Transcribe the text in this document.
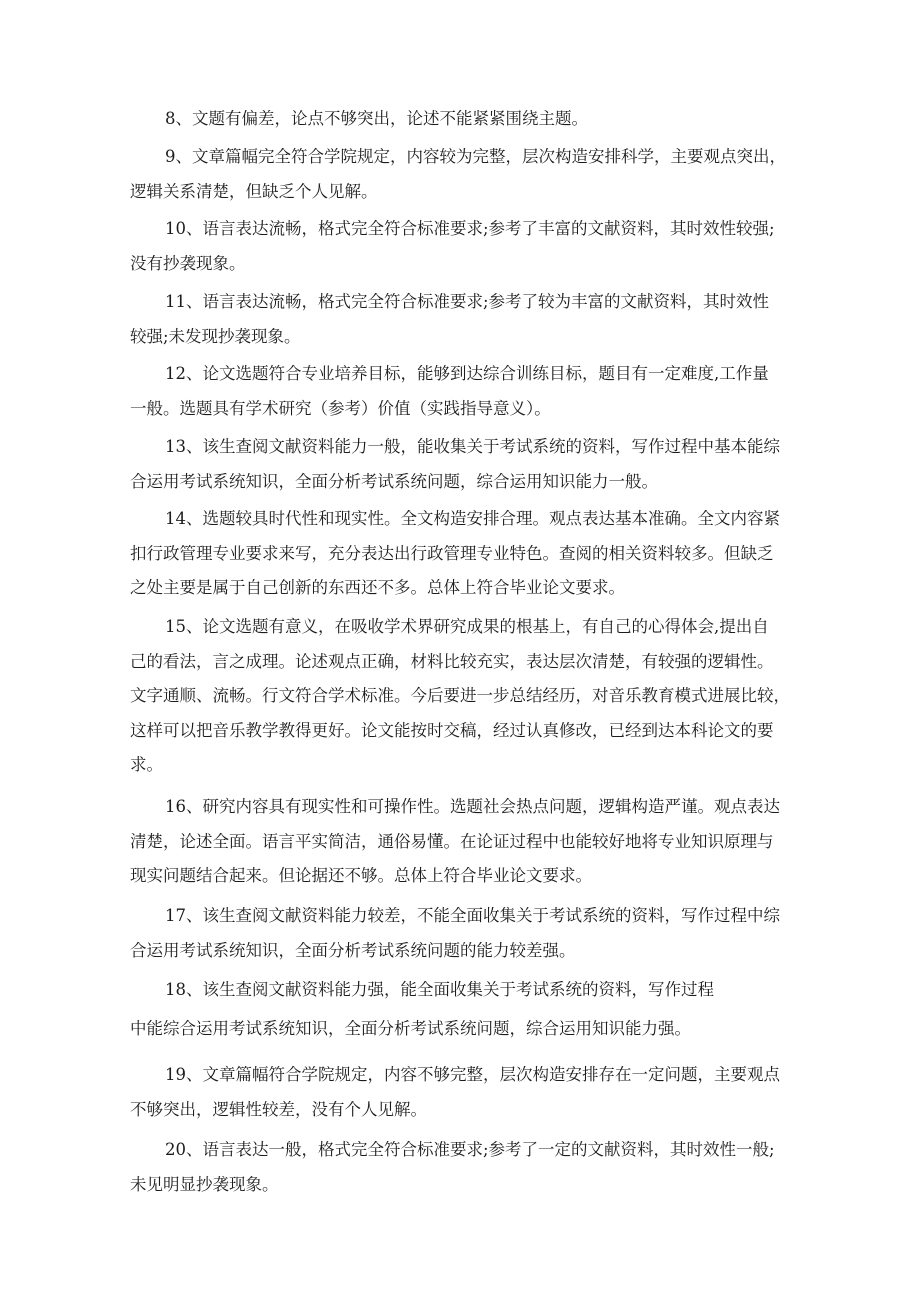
8、文题有偏差，论点不够突出，论述不能紧紧围绕主题。
9、文章篇幅完全符合学院规定，内容较为完整，层次构造安排科学，主要观点突出，
逻辑关系清楚，但缺乏个人见解。
10、语言表达流畅，格式完全符合标准要求;参考了丰富的文献资料，其时效性较强;
没有抄袭现象。
11、语言表达流畅，格式完全符合标准要求;参考了较为丰富的文献资料，其时效性
较强;未发现抄袭现象。
12、论文选题符合专业培养目标，能够到达综合训练目标，题目有一定难度,工作量
一般。选题具有学术研究（参考）价值（实践指导意义）。
13、该生查阅文献资料能力一般，能收集关于考试系统的资料，写作过程中基本能综
合运用考试系统知识，全面分析考试系统问题，综合运用知识能力一般。
14、选题较具时代性和现实性。全文构造安排合理。观点表达基本准确。全文内容紧
扣行政管理专业要求来写，充分表达出行政管理专业特色。查阅的相关资料较多。但缺乏
之处主要是属于自己创新的东西还不多。总体上符合毕业论文要求。
15、论文选题有意义，在吸收学术界研究成果的根基上，有自己的心得体会,提出自
己的看法，言之成理。论述观点正确，材料比较充实，表达层次清楚，有较强的逻辑性。
文字通顺、流畅。行文符合学术标准。今后要进一步总结经历，对音乐教育模式进展比较，
这样可以把音乐教学教得更好。论文能按时交稿，经过认真修改，已经到达本科论文的要
求。
16、研究内容具有现实性和可操作性。选题社会热点问题，逻辑构造严谨。观点表达
清楚，论述全面。语言平实简洁，通俗易懂。在论证过程中也能较好地将专业知识原理与
现实问题结合起来。但论据还不够。总体上符合毕业论文要求。
17、该生查阅文献资料能力较差，不能全面收集关于考试系统的资料，写作过程中综
合运用考试系统知识，全面分析考试系统问题的能力较差强。
18、该生查阅文献资料能力强，能全面收集关于考试系统的资料，写作过程
中能综合运用考试系统知识，全面分析考试系统问题，综合运用知识能力强。
19、文章篇幅符合学院规定，内容不够完整，层次构造安排存在一定问题，主要观点
不够突出，逻辑性较差，没有个人见解。
20、语言表达一般，格式完全符合标准要求;参考了一定的文献资料，其时效性一般;
未见明显抄袭现象。
